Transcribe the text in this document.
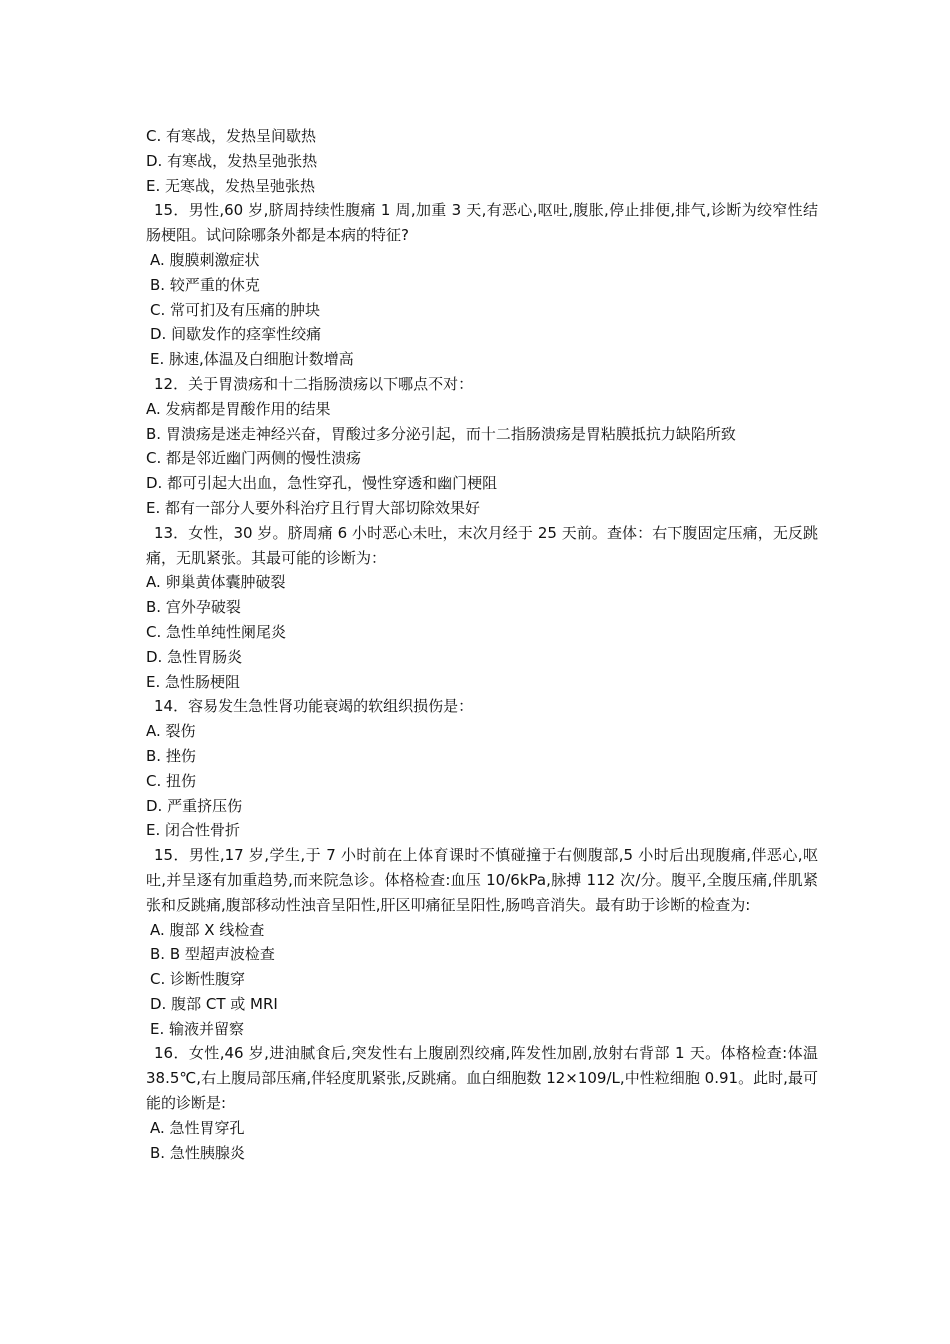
C. 有寒战，发热呈间歇热
D. 有寒战，发热呈弛张热
E. 无寒战，发热呈弛张热
15．男性,60 岁,脐周持续性腹痛 1 周,加重 3 天,有恶心,呕吐,腹胀,停止排便,排气,诊断为绞窄性结肠梗阻。试问除哪条外都是本病的特征?
A. 腹膜刺激症状
B. 较严重的休克
C. 常可扪及有压痛的肿块
D. 间歇发作的痉挛性绞痛
E. 脉速,体温及白细胞计数增高
12．关于胃溃疡和十二指肠溃疡以下哪点不对：
A. 发病都是胃酸作用的结果
B. 胃溃疡是迷走神经兴奋，胃酸过多分泌引起，而十二指肠溃疡是胃粘膜抵抗力缺陷所致
C. 都是邻近幽门两侧的慢性溃疡
D. 都可引起大出血，急性穿孔，慢性穿透和幽门梗阻
E. 都有一部分人要外科治疗且行胃大部切除效果好
13．女性，30 岁。脐周痛 6 小时恶心未吐，末次月经于 25 天前。查体：右下腹固定压痛，无反跳痛，无肌紧张。其最可能的诊断为：
A. 卵巢黄体囊肿破裂
B. 宫外孕破裂
C. 急性单纯性阑尾炎
D. 急性胃肠炎
E. 急性肠梗阻
14．容易发生急性肾功能衰竭的软组织损伤是：
A. 裂伤
B. 挫伤
C. 扭伤
D. 严重挤压伤
E. 闭合性骨折
15．男性,17 岁,学生,于 7 小时前在上体育课时不慎碰撞于右侧腹部,5 小时后出现腹痛,伴恶心,呕吐,并呈逐有加重趋势,而来院急诊。体格检查:血压 10/6kPa,脉搏 112 次/分。腹平,全腹压痛,伴肌紧张和反跳痛,腹部移动性浊音呈阳性,肝区叩痛征呈阳性,肠鸣音消失。最有助于诊断的检查为:
A. 腹部 X 线检查
B. B 型超声波检查
C. 诊断性腹穿
D. 腹部 CT 或 MRI
E. 输液并留察
16．女性,46 岁,进油腻食后,突发性右上腹剧烈绞痛,阵发性加剧,放射右背部 1 天。体格检查:体温 38.5℃,右上腹局部压痛,伴轻度肌紧张,反跳痛。血白细胞数 12×109/L,中性粒细胞 0.91。此时,最可能的诊断是:
A. 急性胃穿孔
B. 急性胰腺炎
